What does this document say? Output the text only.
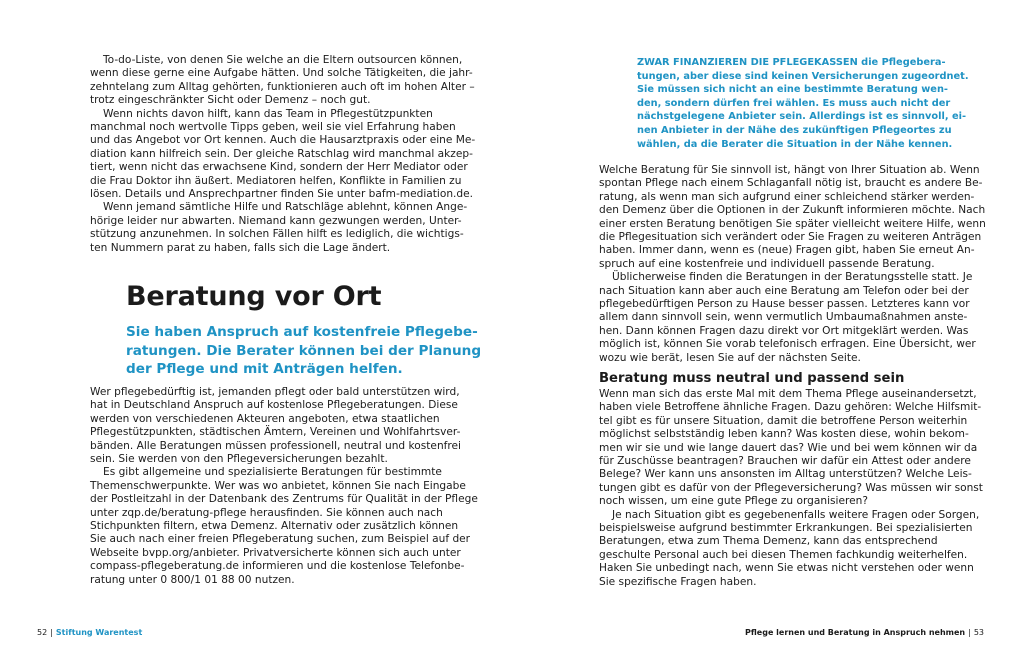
To-do-Liste, von denen Sie welche an die Eltern outsourcen können,
wenn diese gerne eine Aufgabe hätten. Und solche Tätigkeiten, die jahr-
zehntelang zum Alltag gehörten, funktionieren auch oft im hohen Alter –
trotz eingeschränkter Sicht oder Demenz – noch gut.
Wenn nichts davon hilft, kann das Team in Pflegestützpunkten
manchmal noch wertvolle Tipps geben, weil sie viel Erfahrung haben
und das Angebot vor Ort kennen. Auch die Hausarztpraxis oder eine Me-
diation kann hilfreich sein. Der gleiche Ratschlag wird manchmal akzep-
tiert, wenn nicht das erwachsene Kind, sondern der Herr Mediator oder
die Frau Doktor ihn äußert. Mediatoren helfen, Konflikte in Familien zu
lösen. Details und Ansprechpartner finden Sie unter bafm-mediation.de.
Wenn jemand sämtliche Hilfe und Ratschläge ablehnt, können Ange-
hörige leider nur abwarten. Niemand kann gezwungen werden, Unter-
stützung anzunehmen. In solchen Fällen hilft es lediglich, die wichtigs-
ten Nummern parat zu haben, falls sich die Lage ändert.
Beratung vor Ort
Sie haben Anspruch auf kostenfreie Pflegebe-
ratungen. Die Berater können bei der Planung
der Pflege und mit Anträgen helfen.
Wer pflegebedürftig ist, jemanden pflegt oder bald unterstützen wird,
hat in Deutschland Anspruch auf kostenlose Pflegeberatungen. Diese
werden von verschiedenen Akteuren angeboten, etwa staatlichen
Pflegestützpunkten, städtischen Ämtern, Vereinen und Wohlfahrtsver-
bänden. Alle Beratungen müssen professionell, neutral und kostenfrei
sein. Sie werden von den Pflegeversicherungen bezahlt.
Es gibt allgemeine und spezialisierte Beratungen für bestimmte
Themenschwerpunkte. Wer was wo anbietet, können Sie nach Eingabe
der Postleitzahl in der Datenbank des Zentrums für Qualität in der Pflege
unter zqp.de/beratung-pflege herausfinden. Sie können auch nach
Stichpunkten filtern, etwa Demenz. Alternativ oder zusätzlich können
Sie auch nach einer freien Pflegeberatung suchen, zum Beispiel auf der
Webseite bvpp.org/anbieter. Privatversicherte können sich auch unter
compass-pflegeberatung.de informieren und die kostenlose Telefonbe-
ratung unter 0 800/1 01 88 00 nutzen.
ZWAR FINANZIEREN DIE PFLEGEKASSEN die Pflegebera-
tungen, aber diese sind keinen Versicherungen zugeordnet.
Sie müssen sich nicht an eine bestimmte Beratung wen-
den, sondern dürfen frei wählen. Es muss auch nicht der
nächstgelegene Anbieter sein. Allerdings ist es sinnvoll, ei-
nen Anbieter in der Nähe des zukünftigen Pflegeortes zu
wählen, da die Berater die Situation in der Nähe kennen.
Welche Beratung für Sie sinnvoll ist, hängt von Ihrer Situation ab. Wenn
spontan Pflege nach einem Schlaganfall nötig ist, braucht es andere Be-
ratung, als wenn man sich aufgrund einer schleichend stärker werden-
den Demenz über die Optionen in der Zukunft informieren möchte. Nach
einer ersten Beratung benötigen Sie später vielleicht weitere Hilfe, wenn
die Pflegesituation sich verändert oder Sie Fragen zu weiteren Anträgen
haben. Immer dann, wenn es (neue) Fragen gibt, haben Sie erneut An-
spruch auf eine kostenfreie und individuell passende Beratung.
Üblicherweise finden die Beratungen in der Beratungsstelle statt. Je
nach Situation kann aber auch eine Beratung am Telefon oder bei der
pflegebedürftigen Person zu Hause besser passen. Letzteres kann vor
allem dann sinnvoll sein, wenn vermutlich Umbaumaßnahmen anste-
hen. Dann können Fragen dazu direkt vor Ort mitgeklärt werden. Was
möglich ist, können Sie vorab telefonisch erfragen. Eine Übersicht, wer
wozu wie berät, lesen Sie auf der nächsten Seite.
Beratung muss neutral und passend sein
Wenn man sich das erste Mal mit dem Thema Pflege auseinandersetzt,
haben viele Betroffene ähnliche Fragen. Dazu gehören: Welche Hilfsmit-
tel gibt es für unsere Situation, damit die betroffene Person weiterhin
möglichst selbstständig leben kann? Was kosten diese, wohin bekom-
men wir sie und wie lange dauert das? Wie und bei wem können wir da
für Zuschüsse beantragen? Brauchen wir dafür ein Attest oder andere
Belege? Wer kann uns ansonsten im Alltag unterstützen? Welche Leis-
tungen gibt es dafür von der Pflegeversicherung? Was müssen wir sonst
noch wissen, um eine gute Pflege zu organisieren?
Je nach Situation gibt es gegebenenfalls weitere Fragen oder Sorgen,
beispielsweise aufgrund bestimmter Erkrankungen. Bei spezialisierten
Beratungen, etwa zum Thema Demenz, kann das entsprechend
geschulte Personal auch bei diesen Themen fachkundig weiterhelfen.
Haken Sie unbedingt nach, wenn Sie etwas nicht verstehen oder wenn
Sie spezifische Fragen haben.
52 | Stiftung Warentest	Pflege lernen und Beratung in Anspruch nehmen | 53
